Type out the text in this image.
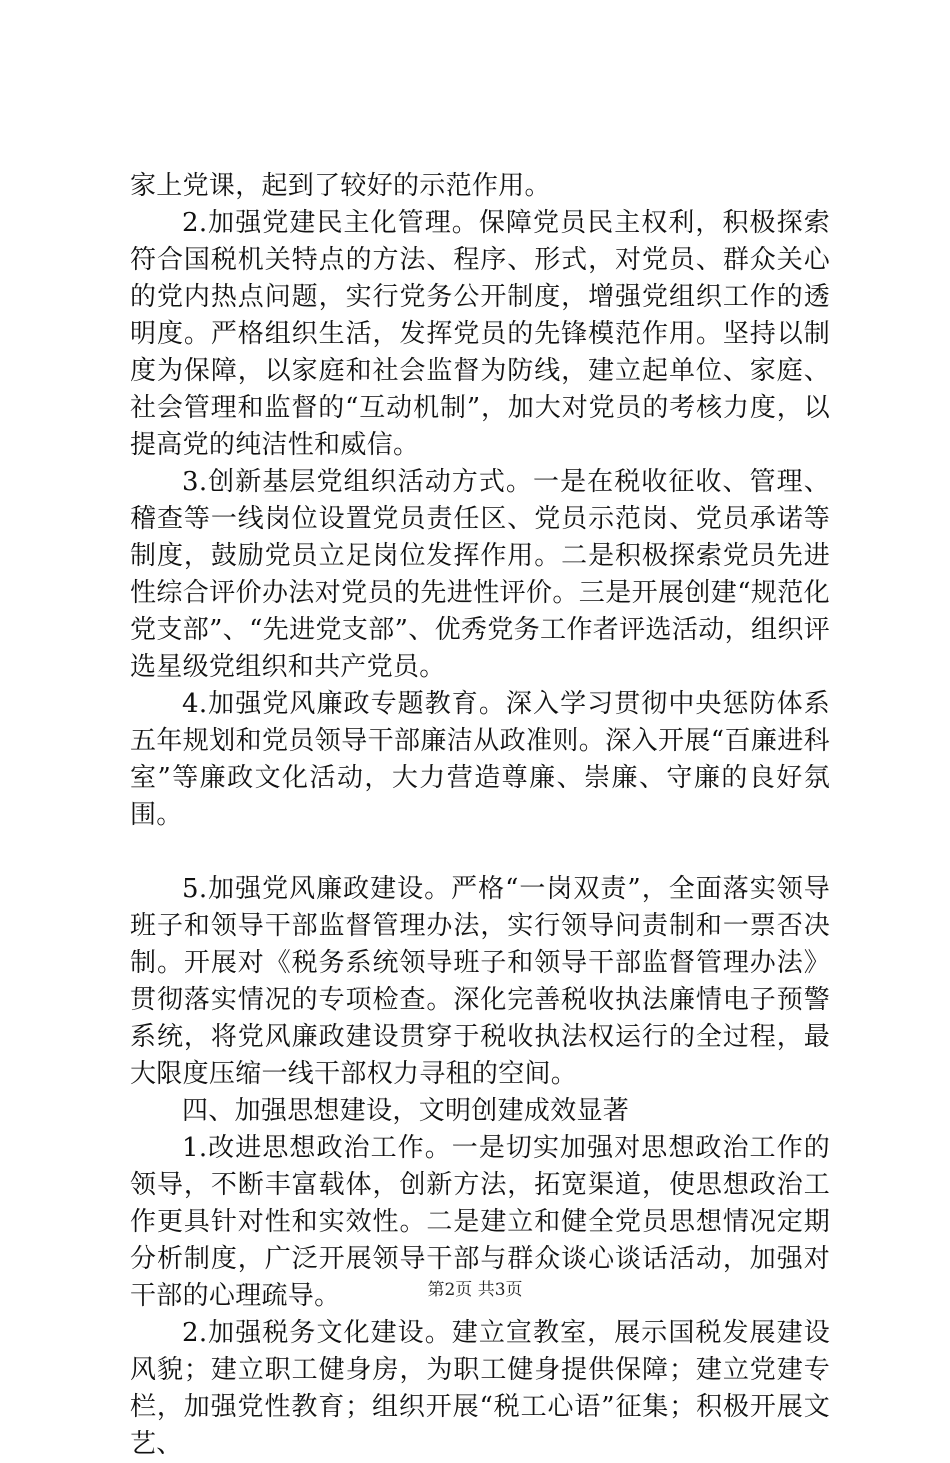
家上党课，起到了较好的示范作用。

2.加强党建民主化管理。保障党员民主权利，积极探索符合国税机关特点的方法、程序、形式，对党员、群众关心的党内热点问题，实行党务公开制度，增强党组织工作的透明度。严格组织生活，发挥党员的先锋模范作用。坚持以制度为保障，以家庭和社会监督为防线，建立起单位、家庭、社会管理和监督的“互动机制”，加大对党员的考核力度，以提高党的纯洁性和威信。

3.创新基层党组织活动方式。一是在税收征收、管理、稽查等一线岗位设置党员责任区、党员示范岗、党员承诺等制度，鼓励党员立足岗位发挥作用。二是积极探索党员先进性综合评价办法对党员的先进性评价。三是开展创建“规范化党支部”、“先进党支部”、优秀党务工作者评选活动，组织评选星级党组织和共产党员。

4.加强党风廉政专题教育。深入学习贯彻中央惩防体系五年规划和党员领导干部廉洁从政准则。深入开展“百廉进科室”等廉政文化活动，大力营造尊廉、崇廉、守廉的良好氛围。

5.加强党风廉政建设。严格“一岗双责”，全面落实领导班子和领导干部监督管理办法，实行领导问责制和一票否决制。开展对《税务系统领导班子和领导干部监督管理办法》贯彻落实情况的专项检查。深化完善税收执法廉情电子预警系统，将党风廉政建设贯穿于税收执法权运行的全过程，最大限度压缩一线干部权力寻租的空间。

四、加强思想建设，文明创建成效显著

1.改进思想政治工作。一是切实加强对思想政治工作的领导，不断丰富载体，创新方法，拓宽渠道，使思想政治工作更具针对性和实效性。二是建立和健全党员思想情况定期分析制度，广泛开展领导干部与群众谈心谈话活动，加强对干部的心理疏导。

2.加强税务文化建设。建立宣教室，展示国税发展建设风貌；建立职工健身房，为职工健身提供保障；建立党建专栏，加强党性教育；组织开展“税工心语”征集；积极开展文艺、

第2页 共3页
